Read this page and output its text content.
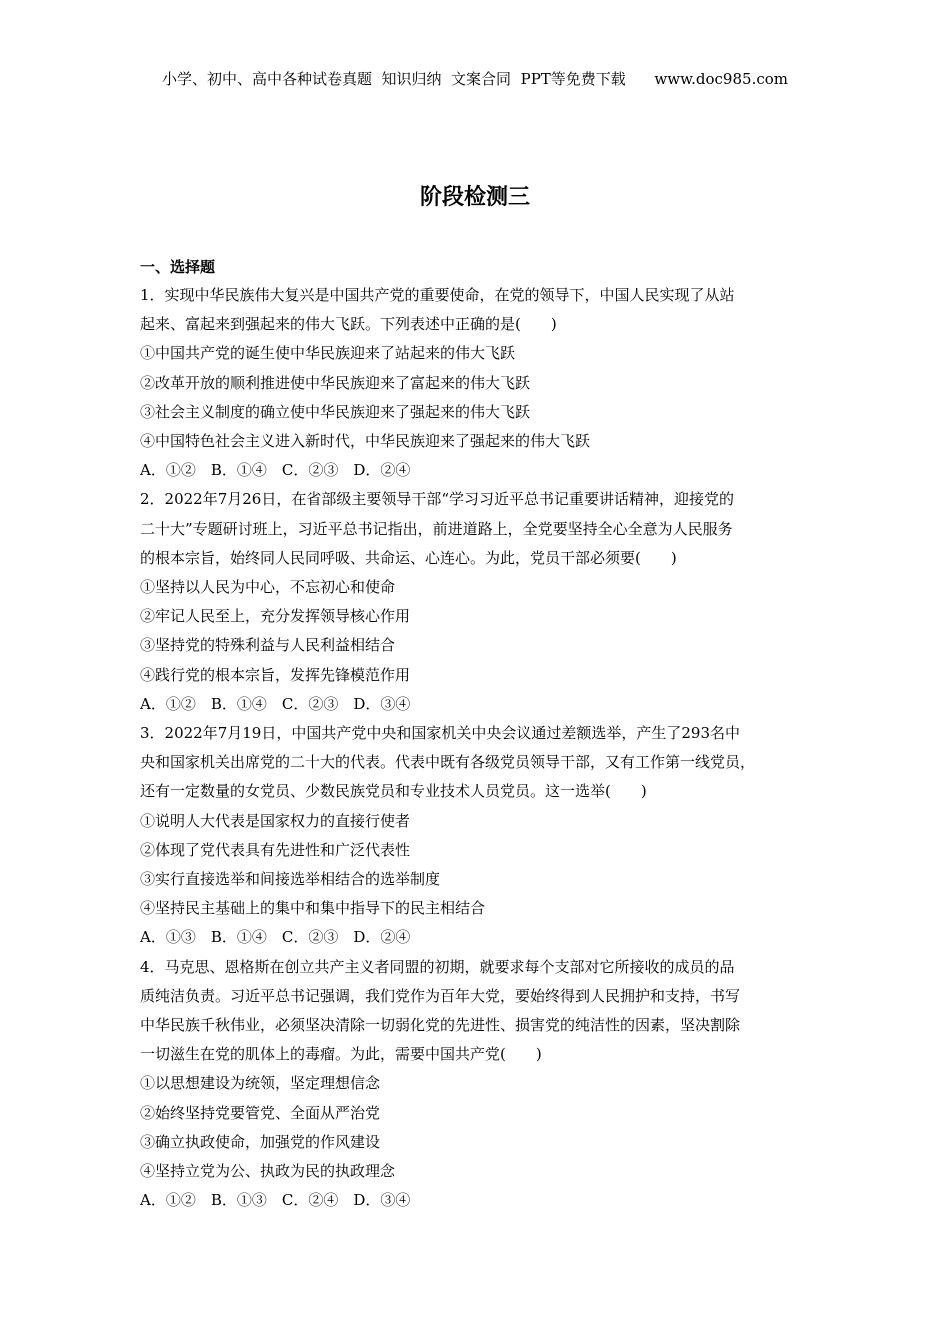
小学、初中、高中各种试卷真题  知识归纳  文案合同  PPT等免费下载      www.doc985.com
阶段检测三
一、选择题
1．实现中华民族伟大复兴是中国共产党的重要使命，在党的领导下，中国人民实现了从站
起来、富起来到强起来的伟大飞跃。下列表述中正确的是(　　)
①中国共产党的诞生使中华民族迎来了站起来的伟大飞跃
②改革开放的顺利推进使中华民族迎来了富起来的伟大飞跃
③社会主义制度的确立使中华民族迎来了强起来的伟大飞跃
④中国特色社会主义进入新时代，中华民族迎来了强起来的伟大飞跃
A．①②　B．①④　C．②③　D．②④
2．2022年7月26日，在省部级主要领导干部“学习习近平总书记重要讲话精神，迎接党的
二十大”专题研讨班上，习近平总书记指出，前进道路上，全党要坚持全心全意为人民服务
的根本宗旨，始终同人民同呼吸、共命运、心连心。为此，党员干部必须要(　　)
①坚持以人民为中心，不忘初心和使命
②牢记人民至上，充分发挥领导核心作用
③坚持党的特殊利益与人民利益相结合
④践行党的根本宗旨，发挥先锋模范作用
A．①②　B．①④　C．②③　D．③④
3．2022年7月19日，中国共产党中央和国家机关中央会议通过差额选举，产生了293名中
央和国家机关出席党的二十大的代表。代表中既有各级党员领导干部，又有工作第一线党员，
还有一定数量的女党员、少数民族党员和专业技术人员党员。这一选举(　　)
①说明人大代表是国家权力的直接行使者
②体现了党代表具有先进性和广泛代表性
③实行直接选举和间接选举相结合的选举制度
④坚持民主基础上的集中和集中指导下的民主相结合
A．①③　B．①④　C．②③　D．②④
4．马克思、恩格斯在创立共产主义者同盟的初期，就要求每个支部对它所接收的成员的品
质纯洁负责。习近平总书记强调，我们党作为百年大党，要始终得到人民拥护和支持，书写
中华民族千秋伟业，必须坚决清除一切弱化党的先进性、损害党的纯洁性的因素，坚决割除
一切滋生在党的肌体上的毒瘤。为此，需要中国共产党(　　)
①以思想建设为统领，坚定理想信念
②始终坚持党要管党、全面从严治党
③确立执政使命，加强党的作风建设
④坚持立党为公、执政为民的执政理念
A．①②　B．①③　C．②④　D．③④
